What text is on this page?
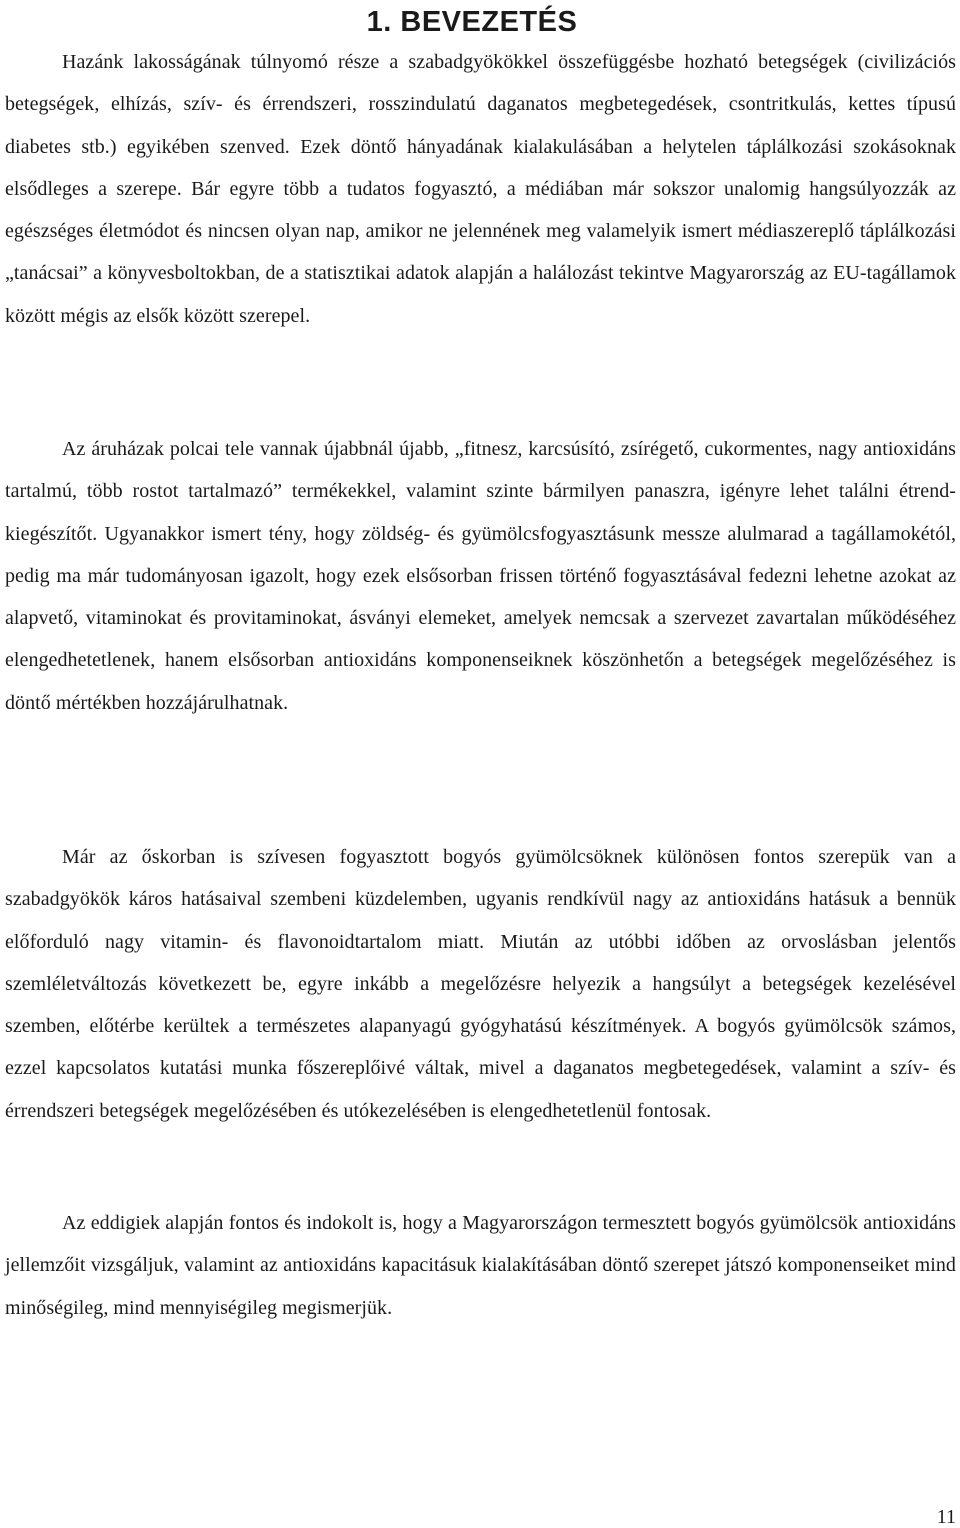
1. BEVEZETÉS

Hazánk lakosságának túlnyomó része a szabadgyökökkel összefüggésbe hozható betegségek (civilizációs betegségek, elhízás, szív- és érrendszeri, rosszindulatú daganatos megbetegedések, csontritkulás, kettes típusú diabetes stb.) egyikében szenved. Ezek döntő hányadának kialakulásában a helytelen táplálkozási szokásoknak elsődleges a szerepe. Bár egyre több a tudatos fogyasztó, a médiában már sokszor unalomig hangsúlyozzák az egészséges életmódot és nincsen olyan nap, amikor ne jelennének meg valamelyik ismert médiaszereplő táplálkozási „tanácsai” a könyvesboltokban, de a statisztikai adatok alapján a halálozást tekintve Magyarország az EU-tagállamok között mégis az elsők között szerepel.

Az áruházak polcai tele vannak újabbnál újabb, „fitnesz, karcsúsító, zsírégető, cukormentes, nagy antioxidáns tartalmú, több rostot tartalmazó” termékekkel, valamint szinte bármilyen panaszra, igényre lehet találni étrend-kiegészítőt. Ugyanakkor ismert tény, hogy zöldség- és gyümölcsfogyasztásunk messze alulmarad a tagállamokétól, pedig ma már tudományosan igazolt, hogy ezek elsősorban frissen történő fogyasztásával fedezni lehetne azokat az alapvető, vitaminokat és provitaminokat, ásványi elemeket, amelyek nemcsak a szervezet zavartalan működéséhez elengedhetetlenek, hanem elsősorban antioxidáns komponenseiknek köszönhetőn a betegségek megelőzéséhez is döntő mértékben hozzájárulhatnak.

Már az őskorban is szívesen fogyasztott bogyós gyümölcsöknek különösen fontos szerepük van a szabadgyökök káros hatásaival szembeni küzdelemben, ugyanis rendkívül nagy az antioxidáns hatásuk a bennük előforduló nagy vitamin- és flavonoidtartalom miatt. Miután az utóbbi időben az orvoslásban jelentős szemléletváltozás következett be, egyre inkább a megelőzésre helyezik a hangsúlyt a betegségek kezelésével szemben, előtérbe kerültek a természetes alapanyagú gyógyhatású készítmények. A bogyós gyümölcsök számos, ezzel kapcsolatos kutatási munka főszereplőivé váltak, mivel a daganatos megbetegedések, valamint a szív- és érrendszeri betegségek megelőzésében és utókezelésében is elengedhetetlenül fontosak.

Az eddigiek alapján fontos és indokolt is, hogy a Magyarországon termesztett bogyós gyümölcsök antioxidáns jellemzőit vizsgáljuk, valamint az antioxidáns kapacitásuk kialakításában döntő szerepet játszó komponenseiket mind minőségileg, mind mennyiségileg megismerjük.

11
